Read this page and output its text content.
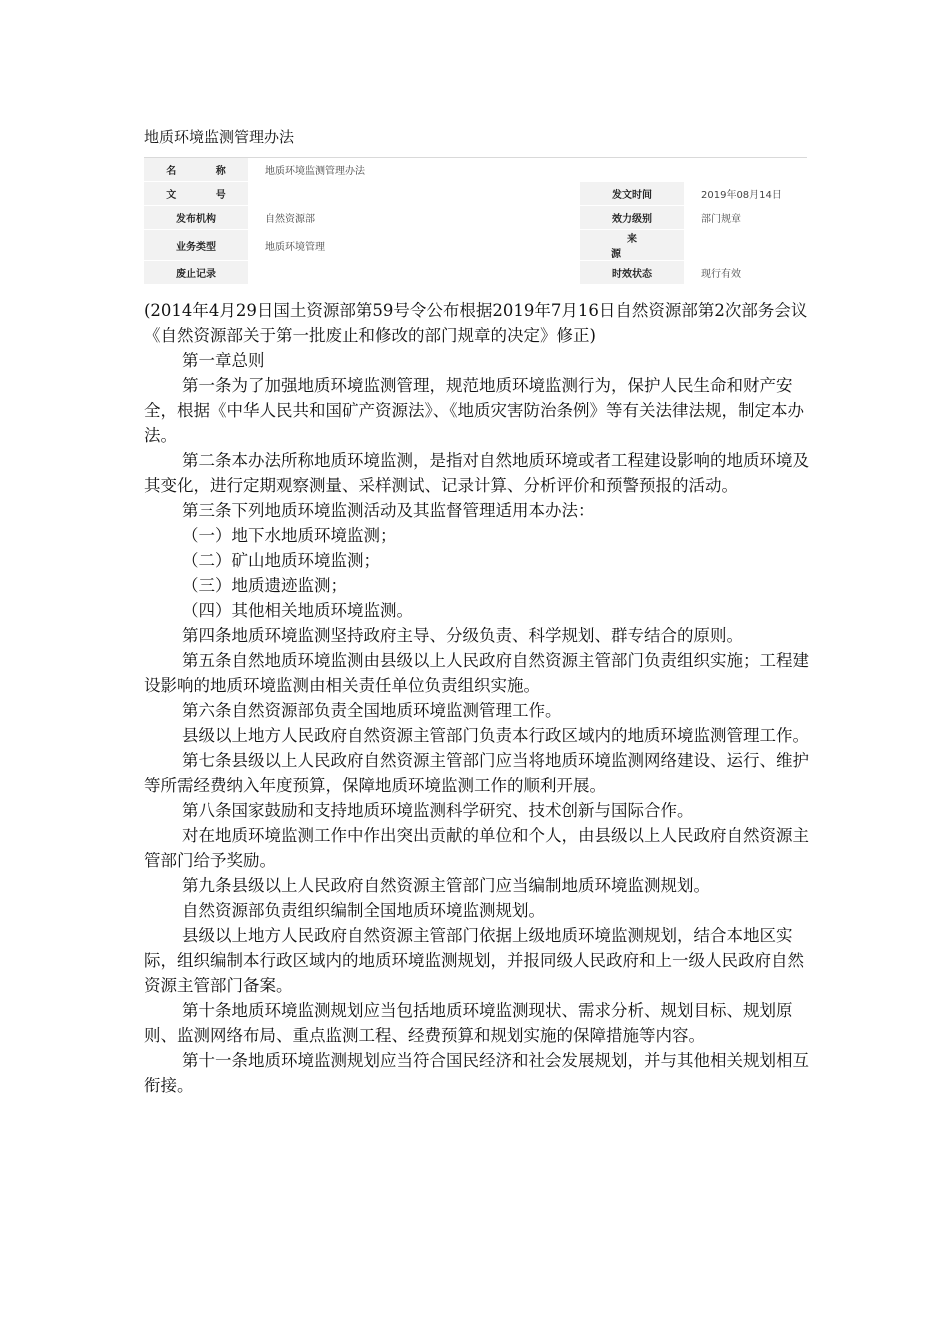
地质环境监测管理办法
名 称	地质环境监测管理办法		
文 号		发文时间	2019年08月14日
发布机构	自然资源部	效力级别	部门规章
业务类型	地质环境管理	来 源	
废止记录		时效状态	现行有效

(2014年4月29日国土资源部第59号令公布根据2019年7月16日自然资源部第2次部务会议《自然资源部关于第一批废止和修改的部门规章的决定》修正)

第一章总则

第一条为了加强地质环境监测管理，规范地质环境监测行为，保护人民生命和财产安全，根据《中华人民共和国矿产资源法》、《地质灾害防治条例》等有关法律法规，制定本办法。

第二条本办法所称地质环境监测，是指对自然地质环境或者工程建设影响的地质环境及其变化，进行定期观察测量、采样测试、记录计算、分析评价和预警预报的活动。

第三条下列地质环境监测活动及其监督管理适用本办法：

（一）地下水地质环境监测；

（二）矿山地质环境监测；

（三）地质遗迹监测；

（四）其他相关地质环境监测。

第四条地质环境监测坚持政府主导、分级负责、科学规划、群专结合的原则。

第五条自然地质环境监测由县级以上人民政府自然资源主管部门负责组织实施；工程建设影响的地质环境监测由相关责任单位负责组织实施。

第六条自然资源部负责全国地质环境监测管理工作。

县级以上地方人民政府自然资源主管部门负责本行政区域内的地质环境监测管理工作。

第七条县级以上人民政府自然资源主管部门应当将地质环境监测网络建设、运行、维护等所需经费纳入年度预算，保障地质环境监测工作的顺利开展。

第八条国家鼓励和支持地质环境监测科学研究、技术创新与国际合作。

对在地质环境监测工作中作出突出贡献的单位和个人，由县级以上人民政府自然资源主管部门给予奖励。

第九条县级以上人民政府自然资源主管部门应当编制地质环境监测规划。

自然资源部负责组织编制全国地质环境监测规划。

县级以上地方人民政府自然资源主管部门依据上级地质环境监测规划，结合本地区实际，组织编制本行政区域内的地质环境监测规划，并报同级人民政府和上一级人民政府自然资源主管部门备案。

第十条地质环境监测规划应当包括地质环境监测现状、需求分析、规划目标、规划原则、监测网络布局、重点监测工程、经费预算和规划实施的保障措施等内容。

第十一条地质环境监测规划应当符合国民经济和社会发展规划，并与其他相关规划相互衔接。
